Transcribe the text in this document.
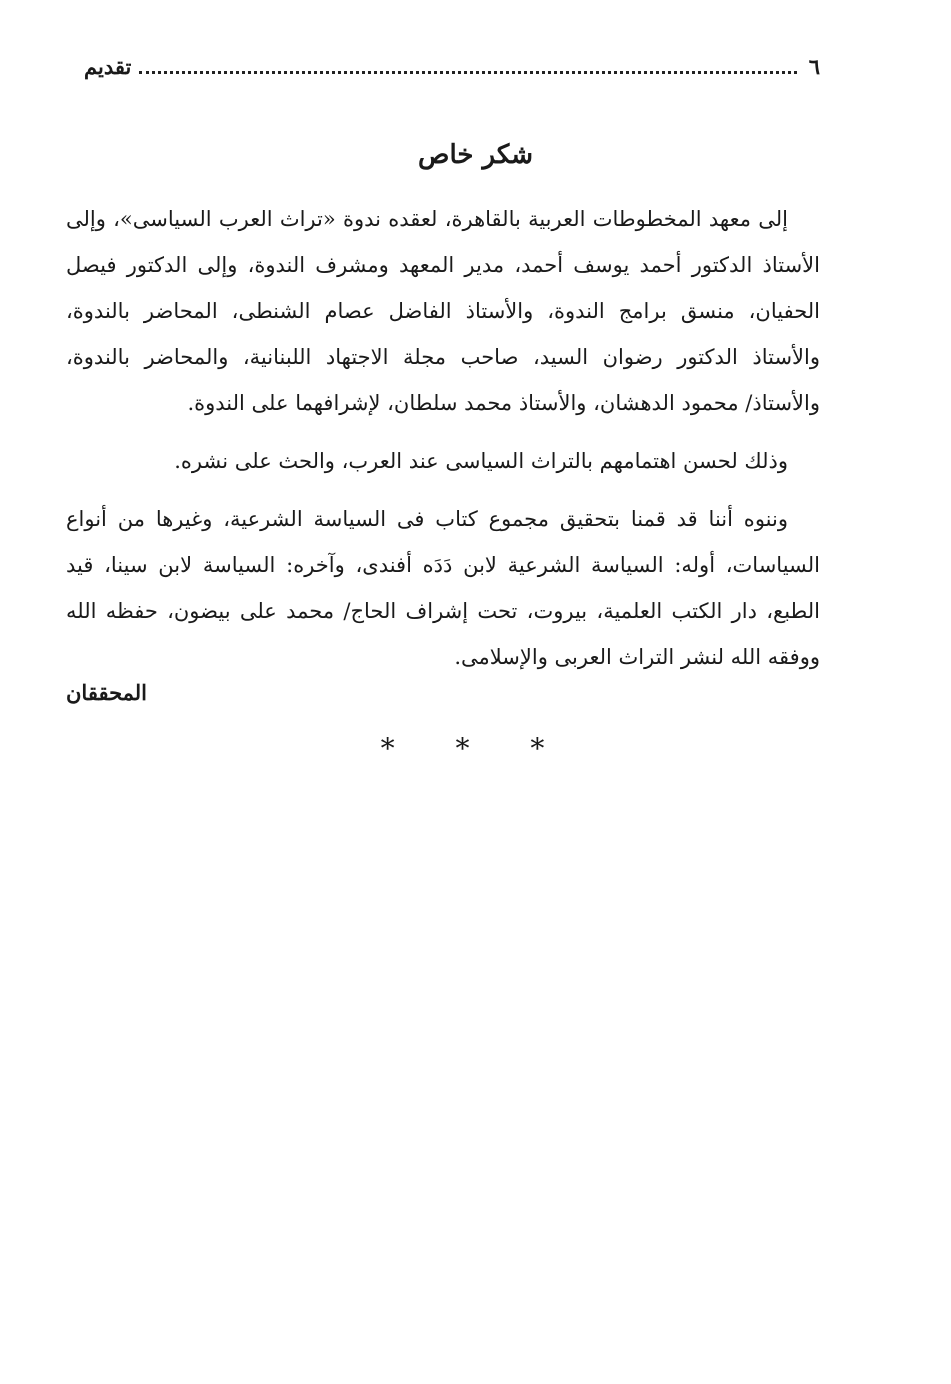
٦
تقديم
شكر خاص

إلى معهد المخطوطات العربية بالقاهرة، لعقده ندوة «تراث العرب السياسى»، وإلى الأستاذ الدكتور أحمد يوسف أحمد، مدير المعهد ومشرف الندوة، وإلى الدكتور فيصل الحفيان، منسق برامج الندوة، والأستاذ الفاضل عصام الشنطى، المحاضر بالندوة، والأستاذ الدكتور رضوان السيد، صاحب مجلة الاجتهاد اللبنانية، والمحاضر بالندوة، والأستاذ/ محمود الدهشان، والأستاذ محمد سلطان، لإشرافهما على الندوة.

وذلك لحسن اهتمامهم بالتراث السياسى عند العرب، والحث على نشره.

وننوه أننا قد قمنا بتحقيق مجموع كتاب فى السياسة الشرعية، وغيرها من أنواع السياسات، أوله: السياسة الشرعية لابن دَدَه أفندى، وآخره: السياسة لابن سينا، قيد الطبع، دار الكتب العلمية، بيروت، تحت إشراف الحاج/ محمد على بيضون، حفظه الله ووفقه الله لنشر التراث العربى والإسلامى.

المحققان
* * *
